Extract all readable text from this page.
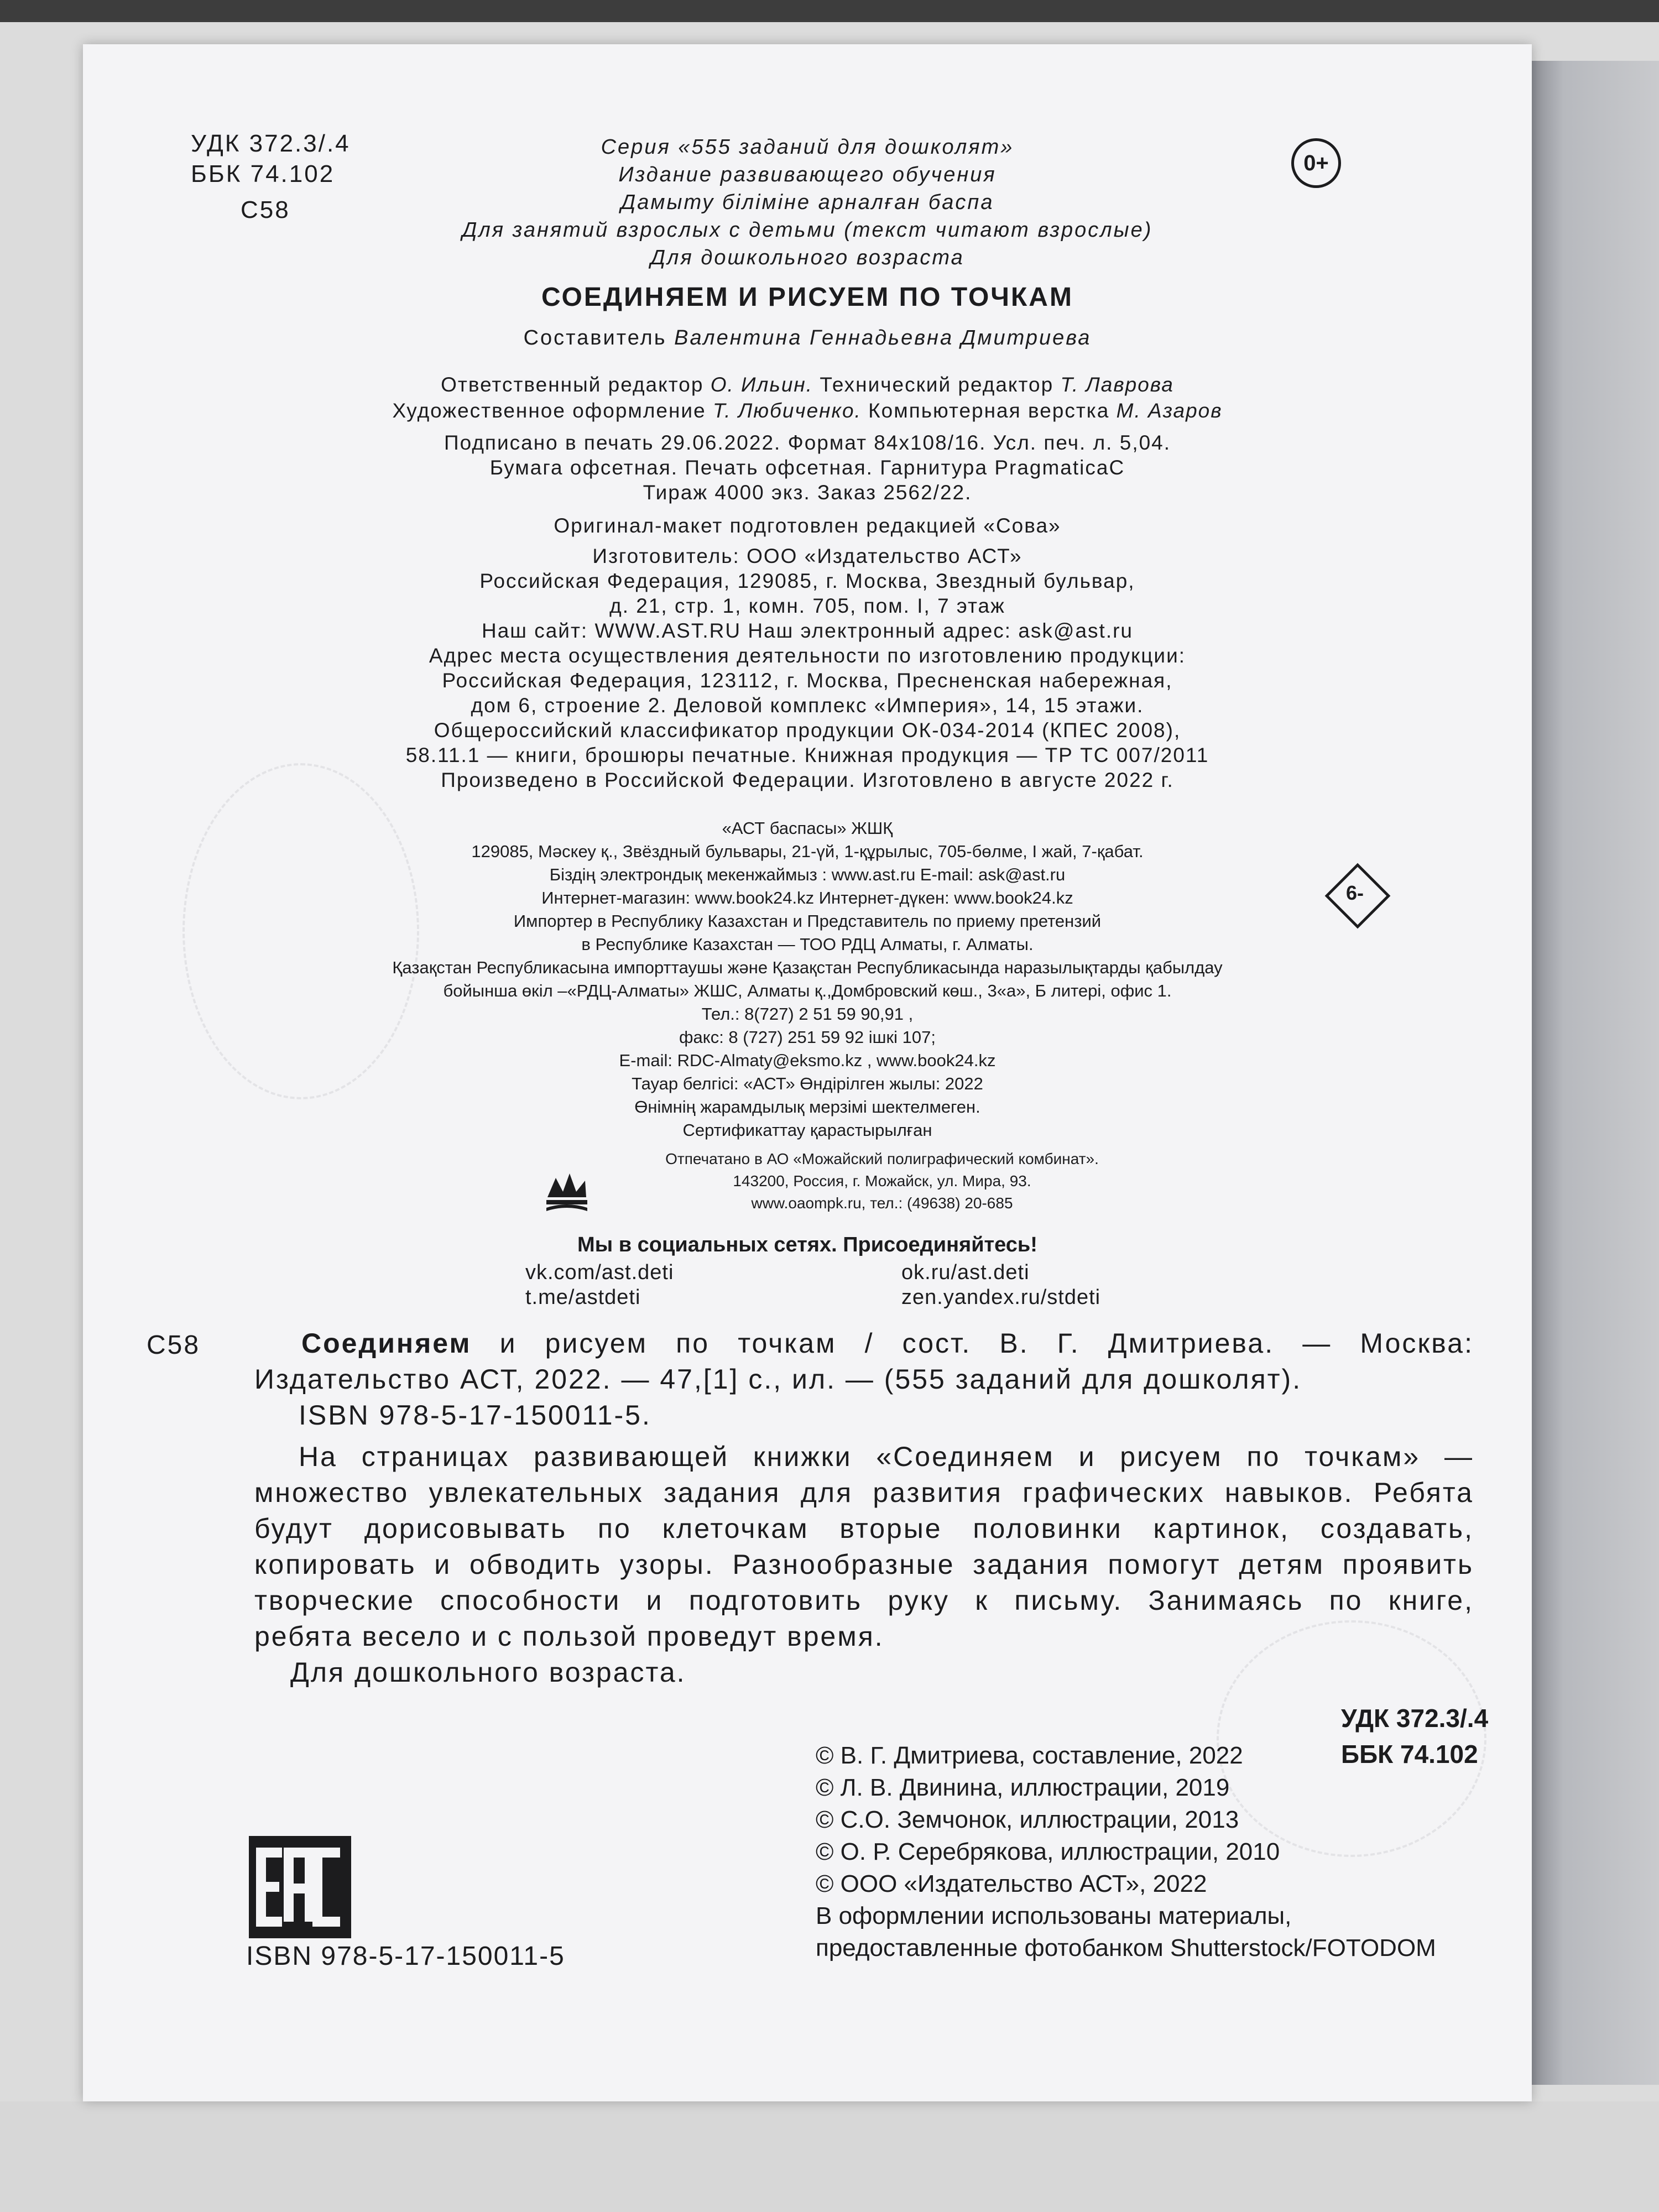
УДК 372.3/.4
ББК 74.102
С58
0+
Серия «555 заданий для дошколят»
Издание развивающего обучения
Дамыту біліміне арналған баспа
Для занятий взрослых с детьми (текст читают взрослые)
Для дошкольного возраста
СОЕДИНЯЕМ И РИСУЕМ ПО ТОЧКАМ
Составитель Валентина Геннадьевна Дмитриева
Ответственный редактор О. Ильин. Технический редактор Т. Лаврова
Художественное оформление Т. Любиченко. Компьютерная верстка М. Азаров
Подписано в печать 29.06.2022. Формат 84x108/16. Усл. печ. л. 5,04.
Бумага офсетная. Печать офсетная. Гарнитура PragmaticaC
Тираж 4000 экз. Заказ 2562/22.
Оригинал-макет подготовлен редакцией «Сова»
Изготовитель: ООО «Издательство АСТ»
Российская Федерация, 129085, г. Москва, Звездный бульвар,
д. 21, стр. 1, комн. 705, пом. I, 7 этаж
Наш сайт: WWW.AST.RU Наш электронный адрес: ask@ast.ru
Адрес места осуществления деятельности по изготовлению продукции:
Российская Федерация, 123112, г. Москва, Пресненская набережная,
дом 6, строение 2. Деловой комплекс «Империя», 14, 15 этажи.
Общероссийский классификатор продукции ОК-034-2014 (КПЕС 2008),
58.11.1 — книги, брошюры печатные. Книжная продукция — ТР ТС 007/2011
Произведено в Российской Федерации. Изготовлено в августе 2022 г.
6-
«АСТ баспасы» ЖШҚ
129085, Мәскеу қ., Звёздный бульвары, 21-үй, 1-құрылыс, 705-бөлме, I жай, 7-қабат.
Біздің электрондық мекенжаймыз : www.ast.ru E-mail: ask@ast.ru
Интернет-магазин: www.book24.kz Интернет-дүкен: www.book24.kz
Импортер в Республику Казахстан и Представитель по приему претензий
в Республике Казахстан — ТОО РДЦ Алматы, г. Алматы.
Қазақстан Республикасына импорттаушы және Қазақстан Республикасында наразылықтарды қабылдау
бойынша өкіл –«РДЦ-Алматы» ЖШС, Алматы қ.,Домбровский көш., 3«а», Б литері, офис 1.
Тел.: 8(727) 2 51 59 90,91 ,
факс: 8 (727) 251 59 92 ішкі 107;
E-mail: RDC-Almaty@eksmo.kz , www.book24.kz
Тауар белгісі: «АСТ» Өндірілген жылы: 2022
Өнімнің жарамдылық мерзімі шектелмеген.
Сертификаттау қарастырылған
Отпечатано в АО «Можайский полиграфический комбинат».
143200, Россия, г. Можайск, ул. Мира, 93.
www.oaompk.ru, тел.: (49638) 20-685
Мы в социальных сетях. Присоединяйтесь!
vk.com/ast.deti	ok.ru/ast.deti
t.me/astdeti	zen.yandex.ru/stdeti
С58	Соединяем и рисуем по точкам / сост. В. Г. Дмитриева. — Москва:
Издательство АСТ, 2022. — 47,[1] с., ил. — (555 заданий для дошколят).
ISBN 978-5-17-150011-5.
На страницах развивающей книжки «Соединяем и рисуем по точкам» —
множество увлекательных задания для развития графических навыков. Ребята
будут дорисовывать по клеточкам вторые половинки картинок, создавать,
копировать и обводить узоры. Разнообразные задания помогут детям проявить
творческие способности и подготовить руку к письму. Занимаясь по книге,
ребята весело и с пользой проведут время.
Для дошкольного возраста.
УДК 372.3/.4
ББК 74.102
© В. Г. Дмитриева, составление, 2022
© Л. В. Двинина, иллюстрации, 2019
© С.О. Земчонок, иллюстрации, 2013
© О. Р. Серебрякова, иллюстрации, 2010
© ООО «Издательство АСТ», 2022
В оформлении использованы материалы,
предоставленные фотобанком Shutterstock/FOTODOM
ISBN 978-5-17-150011-5
